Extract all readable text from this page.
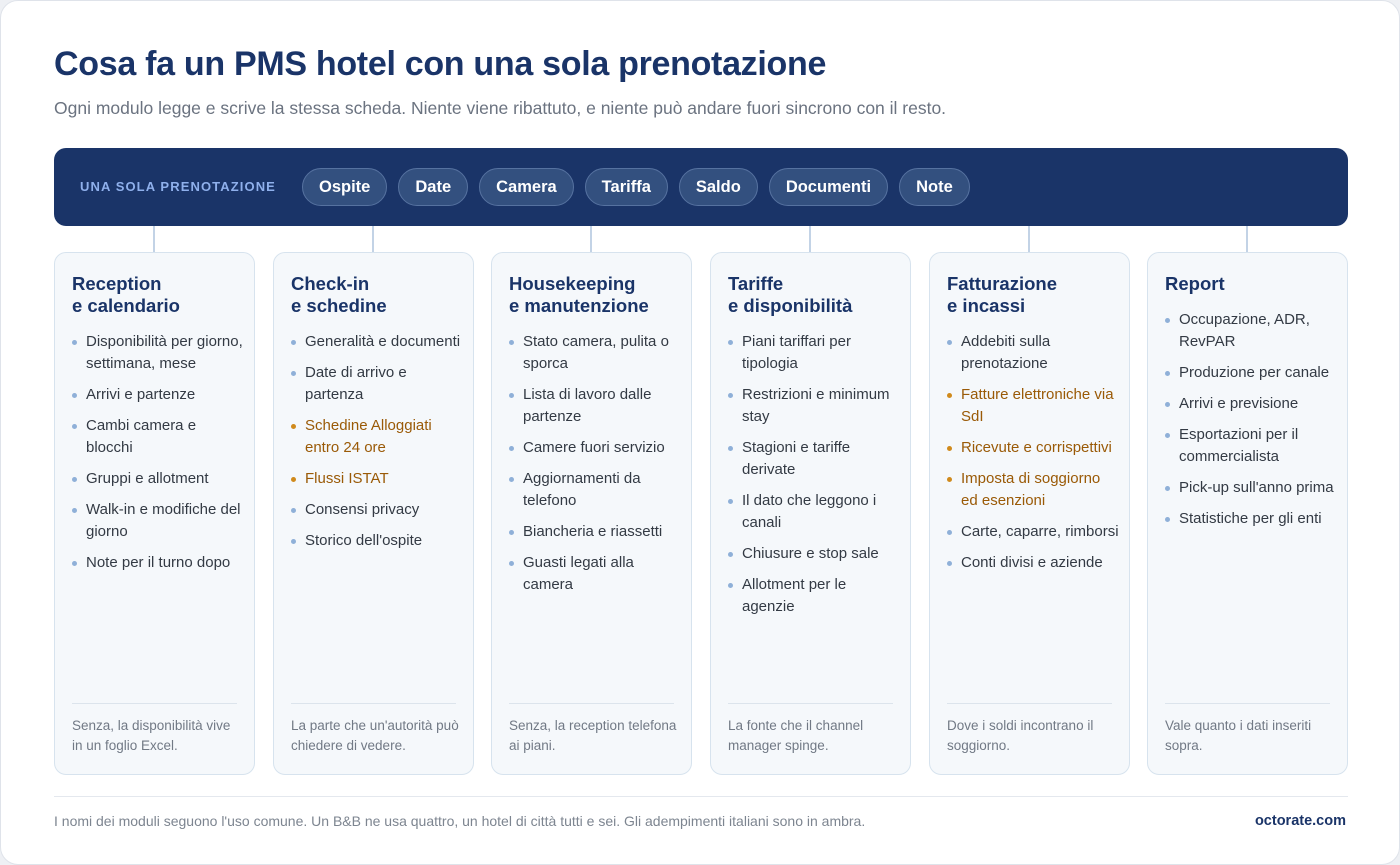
Cosa fa un PMS hotel con una sola prenotazione

Ogni modulo legge e scrive la stessa scheda. Niente viene ribattuto, e niente può andare fuori sincrono con il resto.

UNA SOLA PRENOTAZIONE	Ospite	Date	Camera	Tariffa	Saldo	Documenti	Note
Reception
e calendario
Disponibilità per giorno, settimana, mese
Arrivi e partenze
Cambi camera e blocchi
Gruppi e allotment
Walk-in e modifiche del giorno
Note per il turno dopo

Senza, la disponibilità vive in un foglio Excel.

Check-in
e schedine
Generalità e documenti
Date di arrivo e partenza
Schedine Alloggiati entro 24 ore
Flussi ISTAT
Consensi privacy
Storico dell'ospite

La parte che un'autorità può chiedere di vedere.

Housekeeping
e manutenzione
Stato camera, pulita o sporca
Lista di lavoro dalle partenze
Camere fuori servizio
Aggiornamenti da telefono
Biancheria e riassetti
Guasti legati alla camera

Senza, la reception telefona ai piani.

Tariffe
e disponibilità
Piani tariffari per tipologia
Restrizioni e minimum stay
Stagioni e tariffe derivate
Il dato che leggono i canali
Chiusure e stop sale
Allotment per le agenzie

La fonte che il channel manager spinge.

Fatturazione
e incassi
Addebiti sulla prenotazione
Fatture elettroniche via SdI
Ricevute e corrispettivi
Imposta di soggiorno ed esenzioni
Carte, caparre, rimborsi
Conti divisi e aziende

Dove i soldi incontrano il soggiorno.

Report
Occupazione, ADR, RevPAR
Produzione per canale
Arrivi e previsione
Esportazioni per il commercialista
Pick-up sull'anno prima
Statistiche per gli enti

Vale quanto i dati inseriti sopra.

I nomi dei moduli seguono l'uso comune. Un B&B ne usa quattro, un hotel di città tutti e sei. Gli adempimenti italiani sono in ambra.	octorate.com
